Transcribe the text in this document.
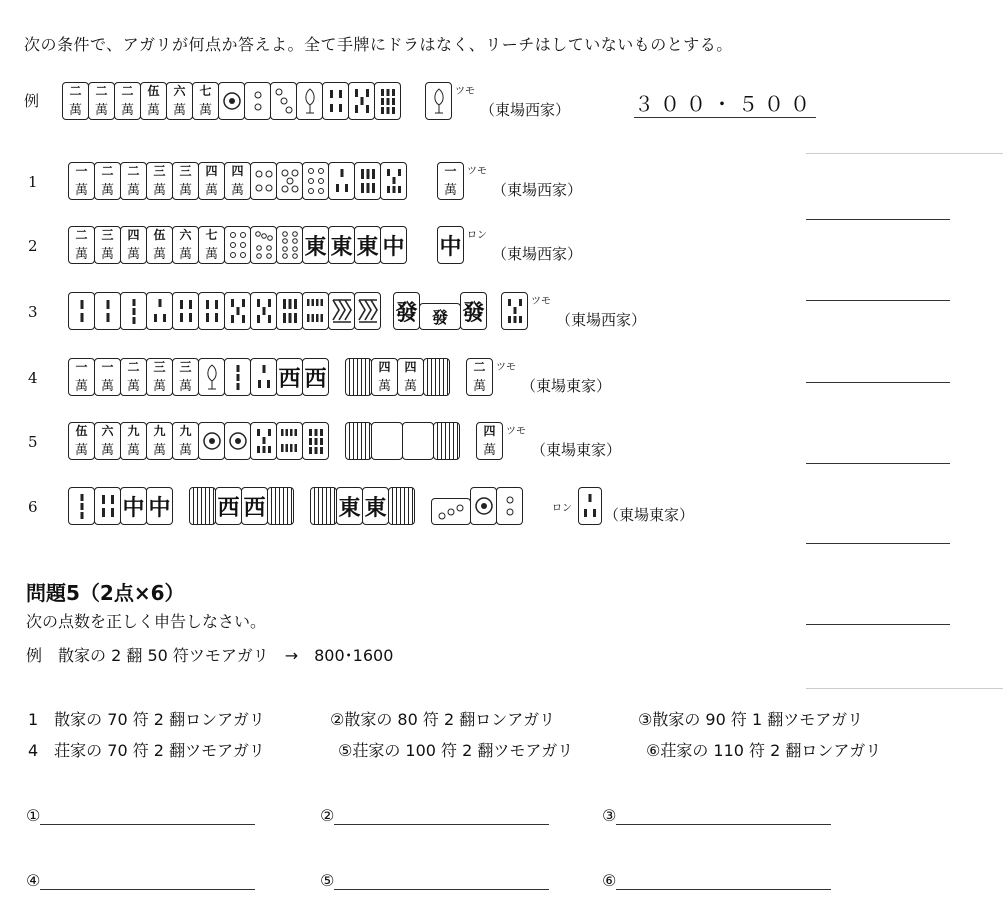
次の条件で、アガリが何点か答えよ。全て手牌にドラはなく、リーチはしていないものとする。
例
二
萬
二
萬
二
萬
伍
萬
六
萬
七
萬
ツモ
（東場西家）	３００・５００
1
一
萬
二
萬
二
萬
三
萬
三
萬
四
萬
四
萬
一
萬
ツモ
（東場西家）
2
二
萬
三
萬
四
萬
伍
萬
六
萬
七
萬	東 東 東 中 中 ロン
（東場西家）
3	發 發 發	ツモ
（東場西家）
4
一
萬
一
萬
二
萬
三
萬
三
萬	西 西	四
萬
四
萬
二
萬
ツモ
（東場東家）
5
伍
萬
六
萬
九
萬
九
萬
九
萬
四
萬
ツモ
（東場東家）
6	中 中 西 西	東 東	ロン （東場東家）
問題5（2点×6）
次の点数を正しく申告しなさい。
例　散家の 2 翻 50 符ツモアガリ　→　800･1600
1　散家の 70 符 2 翻ロンアガリ	②散家の 80 符 2 翻ロンアガリ	③散家の 90 符 1 翻ツモアガリ
4　荘家の 70 符 2 翻ツモアガリ	⑤荘家の 100 符 2 翻ツモアガリ	⑥荘家の 110 符 2 翻ロンアガリ
①	②	③
④	⑤	⑥
